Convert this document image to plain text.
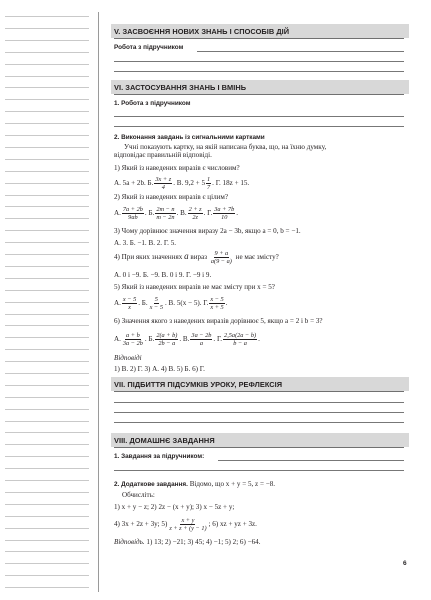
V. ЗАСВОЄННЯ НОВИХ ЗНАНЬ І СПОСОБІВ ДІЙ
Робота з підручником
VI. ЗАСТОСУВАННЯ ЗНАНЬ І ВМІНЬ
1. Робота з підручником
2. Виконання завдань із сигнальними картками
Учні показують картку, на якій написана буква, що, на їхню думку,
відповідає правильній відповіді.
1) Який із наведених виразів є числовим?
А. 5a + 2b. Б. $\frac{3x + z}{4}$ . В. $9,2 + 5 \frac{1}{7}$ . Г. 18z + 15.
2) Який із наведених виразів є цілим?
А. $\frac{7a + 2b}{9ab}$ . Б. $\frac{2m - n}{m - 2n}$ . В. $\frac{2 + z}{2z}$ . Г. $\frac{3a + 7b}{10}$ .
3) Чому дорівнює значення виразу 2a − 3b, якщо a = 0, b = −1.
А. 3. Б. −1. В. 2. Г. 5.
4) При яких значеннях a вираз $\frac{9 + a}{a(9 - a)}$ не має змісту?
А. 0 і −9. Б. −9. В. 0 і 9. Г. −9 і 9.
5) Який із наведених виразів не має змісту при x = 5?
А. $\frac{x - 5}{x}$ . Б. $\frac{5}{x - 5}$ . В. 5(x − 5). Г. $\frac{x - 5}{x + 5}$ .
6) Значення якого з наведених виразів дорівнює 5, якщо a = 2 і b = 3?
А. $\frac{a + b}{3a - 2b}$ . Б. $\frac{2(a + b)}{2b - a}$ . В. $\frac{3a - 2b}{a}$ . Г. $\frac{2,5a(2a - b)}{b - a}$ .
Відповіді
1) В. 2) Г. 3) А. 4) В. 5) Б. 6) Г.
VII. ПІДБИТТЯ ПІДСУМКІВ УРОКУ, РЕФЛЕКСІЯ
VIII. ДОМАШНЄ ЗАВДАННЯ
1. Завдання за підручником:
2. Додаткове завдання. Відомо, що x + y = 5, z = −8.
Обчисліть:
1) x + y − z; 2) 2z − (x + y); 3) x − 5z + y;
4) 3x + 2z + 3y; $5) \frac{x + y}{z + z + (y - 1)}$ ; 6) xz + yz + 3z.
Відповідь. 1) 13; 2) −21; 3) 45; 4) −1; 5) 2; 6) −64.
6
